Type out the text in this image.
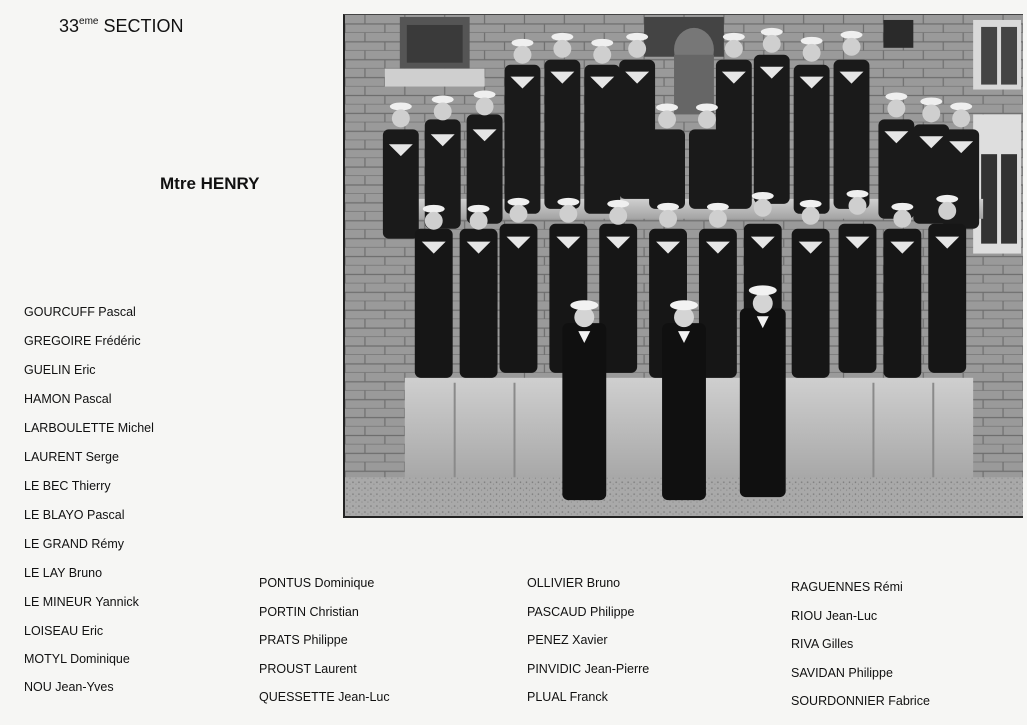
33eme SECTION
Mtre HENRY
GOURCUFF Pascal
GREGOIRE Frédéric
GUELIN Eric
HAMON Pascal
LARBOULETTE Michel
LAURENT Serge
LE BEC Thierry
LE BLAYO Pascal
LE GRAND Rémy
LE LAY Bruno
LE MINEUR Yannick
LOISEAU Eric
MOTYL Dominique
NOU Jean-Yves
PONTUS Dominique
PORTIN Christian
PRATS Philippe
PROUST Laurent
QUESSETTE Jean-Luc
OLLIVIER Bruno
PASCAUD Philippe
PENEZ Xavier
PINVIDIC Jean-Pierre
PLUAL Franck
RAGUENNES Rémi
RIOU Jean-Luc
RIVA Gilles
SAVIDAN Philippe
SOURDONNIER Fabrice
